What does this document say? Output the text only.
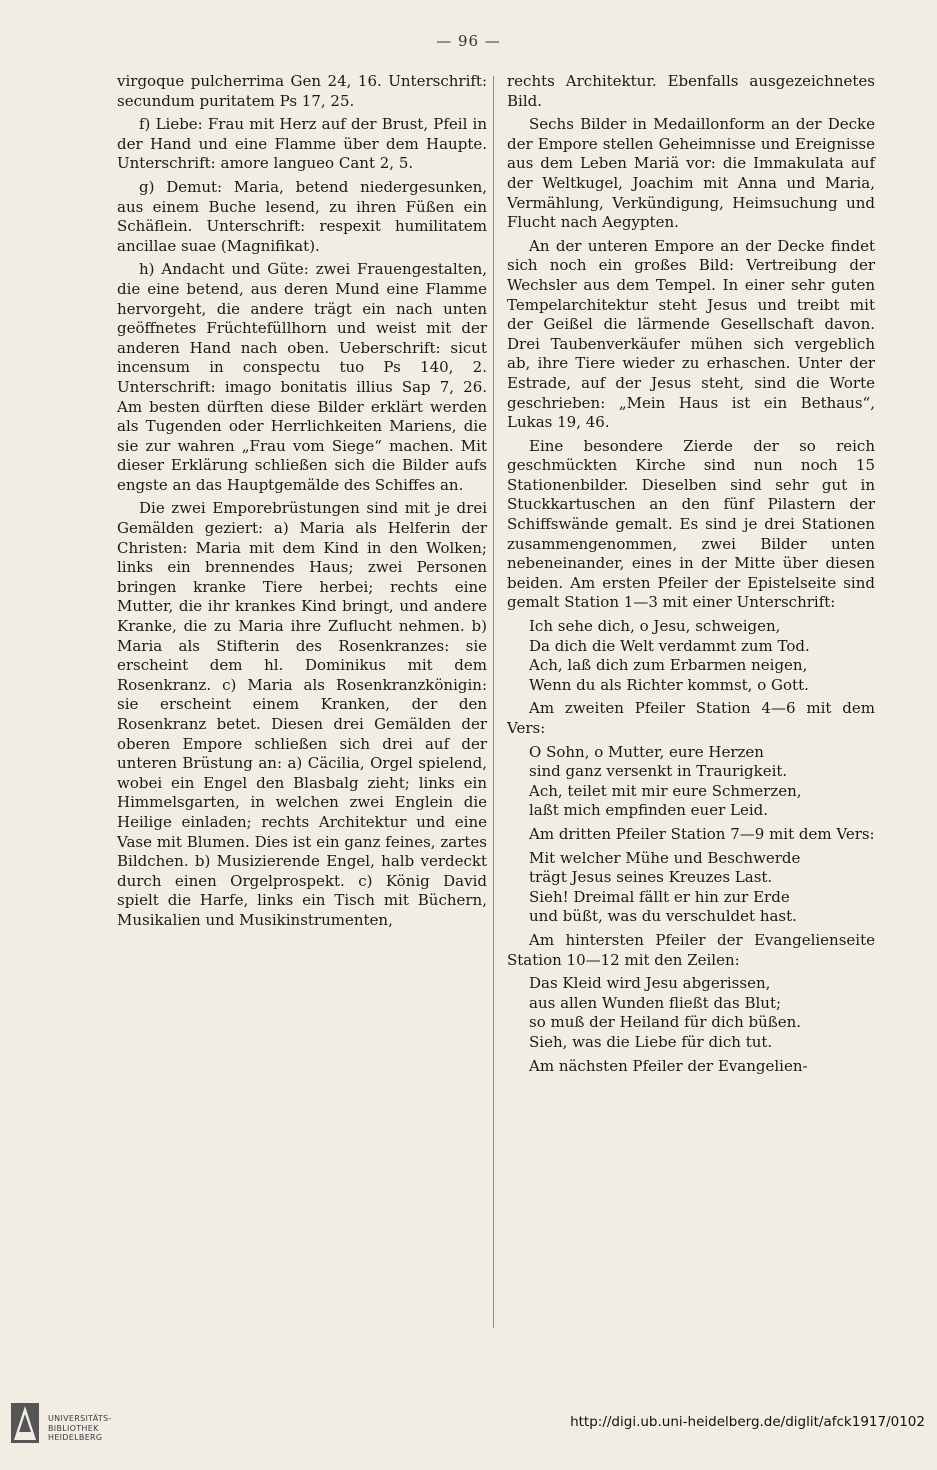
— 96 —

virgoque pulcherrima Gen 24, 16. Unterschrift: secundum puritatem Ps 17, 25.

f) Liebe: Frau mit Herz auf der Brust, Pfeil in der Hand und eine Flamme über dem Haupte. Unterschrift: amore langueo Cant 2, 5.

g) Demut: Maria, betend niedergesunken, aus einem Buche lesend, zu ihren Füßen ein Schäflein. Unterschrift: respexit humilitatem ancillae suae (Magnifikat).

h) Andacht und Güte: zwei Frauengestalten, die eine betend, aus deren Mund eine Flamme hervorgeht, die andere trägt ein nach unten geöffnetes Früchtefüllhorn und weist mit der anderen Hand nach oben. Ueberschrift: sicut incensum in conspectu tuo Ps 140, 2. Unterschrift: imago bonitatis illius Sap 7, 26. Am besten dürften diese Bilder erklärt werden als Tugenden oder Herrlichkeiten Mariens, die sie zur wahren „Frau vom Siege“ machen. Mit dieser Erklärung schließen sich die Bilder aufs engste an das Hauptgemälde des Schiffes an.

Die zwei Emporebrüstungen sind mit je drei Gemälden geziert: a) Maria als Helferin der Christen: Maria mit dem Kind in den Wolken; links ein brennendes Haus; zwei Personen bringen kranke Tiere herbei; rechts eine Mutter, die ihr krankes Kind bringt, und andere Kranke, die zu Maria ihre Zuflucht nehmen. b) Maria als Stifterin des Rosenkranzes: sie erscheint dem hl. Dominikus mit dem Rosenkranz. c) Maria als Rosenkranzkönigin: sie erscheint einem Kranken, der den Rosenkranz betet. Diesen drei Gemälden der oberen Empore schließen sich drei auf der unteren Brüstung an: a) Cäcilia, Orgel spielend, wobei ein Engel den Blasbalg zieht; links ein Himmelsgarten, in welchen zwei Englein die Heilige einladen; rechts Architektur und eine Vase mit Blumen. Dies ist ein ganz feines, zartes Bildchen. b) Musizierende Engel, halb verdeckt durch einen Orgelprospekt. c) König David spielt die Harfe, links ein Tisch mit Büchern, Musikalien und Musikinstrumenten,

rechts Architektur. Ebenfalls ausgezeichnetes Bild.

Sechs Bilder in Medaillonform an der Decke der Empore stellen Geheimnisse und Ereignisse aus dem Leben Mariä vor: die Immakulata auf der Weltkugel, Joachim mit Anna und Maria, Vermählung, Verkündigung, Heimsuchung und Flucht nach Aegypten.

An der unteren Empore an der Decke findet sich noch ein großes Bild: Vertreibung der Wechsler aus dem Tempel. In einer sehr guten Tempelarchitektur steht Jesus und treibt mit der Geißel die lärmende Gesellschaft davon. Drei Taubenverkäufer mühen sich vergeblich ab, ihre Tiere wieder zu erhaschen. Unter der Estrade, auf der Jesus steht, sind die Worte geschrieben: „Mein Haus ist ein Bethaus“, Lukas 19, 46.

Eine besondere Zierde der so reich geschmückten Kirche sind nun noch 15 Stationenbilder. Dieselben sind sehr gut in Stuckkartuschen an den fünf Pilastern der Schiffswände gemalt. Es sind je drei Stationen zusammengenommen, zwei Bilder unten nebeneinander, eines in der Mitte über diesen beiden. Am ersten Pfeiler der Epistelseite sind gemalt Station 1—3 mit einer Unterschrift:

Ich sehe dich, o Jesu, schweigen,

Da dich die Welt verdammt zum Tod.

Ach, laß dich zum Erbarmen neigen,

Wenn du als Richter kommst, o Gott.

Am zweiten Pfeiler Station 4—6 mit dem Vers:

O Sohn, o Mutter, eure Herzen

sind ganz versenkt in Traurigkeit.

Ach, teilet mit mir eure Schmerzen,

laßt mich empfinden euer Leid.

Am dritten Pfeiler Station 7—9 mit dem Vers:

Mit welcher Mühe und Beschwerde

trägt Jesus seines Kreuzes Last.

Sieh! Dreimal fällt er hin zur Erde

und büßt, was du verschuldet hast.

Am hintersten Pfeiler der Evangelienseite Station 10—12 mit den Zeilen:

Das Kleid wird Jesu abgerissen,

aus allen Wunden fließt das Blut;

so muß der Heiland für dich büßen.

Sieh, was die Liebe für dich tut.

Am nächsten Pfeiler der Evangelien-

UNIVERSITÄTS-
BIBLIOTHEK
HEIDELBERG
http://digi.ub.uni-heidelberg.de/diglit/afck1917/0102
